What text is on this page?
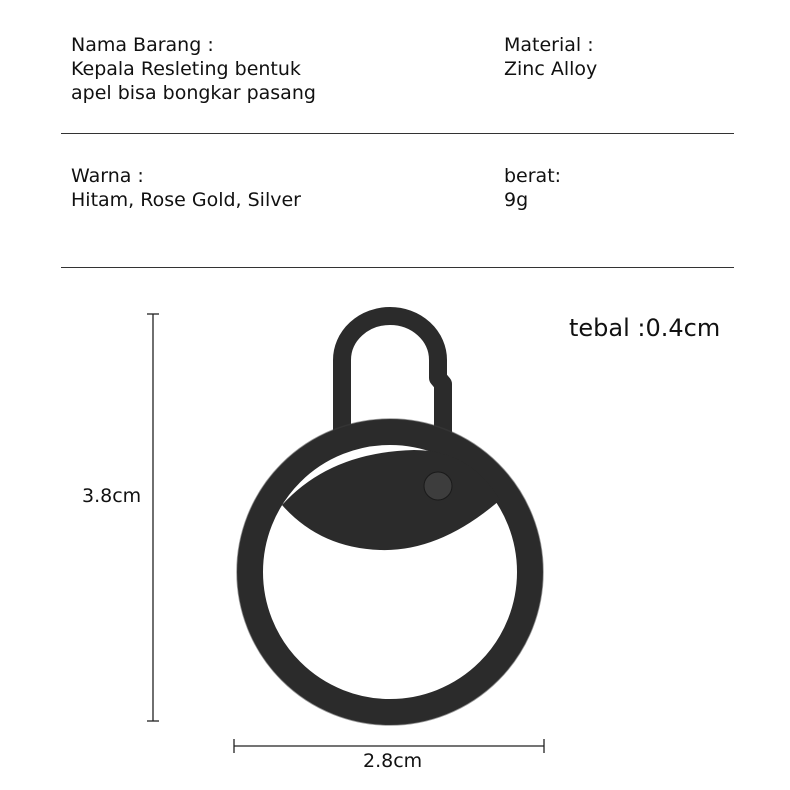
Nama Barang :
Kepala Resleting bentuk
apel bisa bongkar pasang
Material :
Zinc Alloy
Warna :
Hitam, Rose Gold, Silver
berat:
9g
3.8cm
2.8cm
tebal :0.4cm
